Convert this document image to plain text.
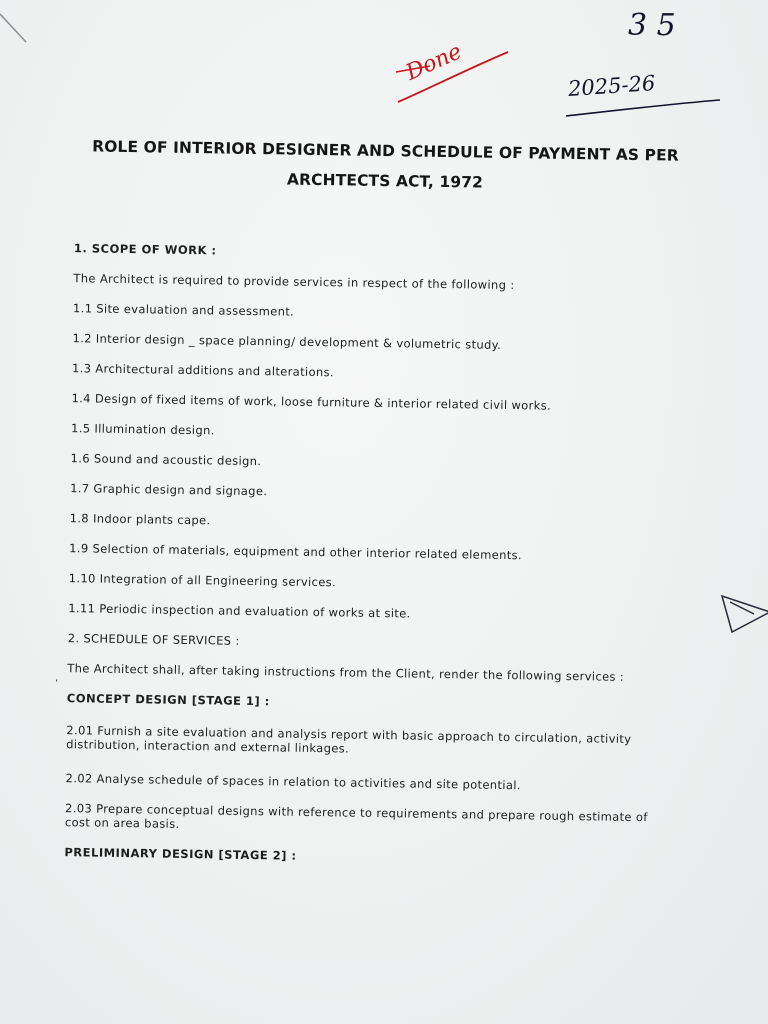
3 5
Done
2025-26
ROLE OF INTERIOR DESIGNER AND SCHEDULE OF PAYMENT AS PER
ARCHTECTS ACT, 1972
1. SCOPE OF WORK :
The Architect is required to provide services in respect of the following :
1.1 Site evaluation and assessment.
1.2 Interior design _ space planning/ development & volumetric study.
1.3 Architectural additions and alterations.
1.4 Design of fixed items of work, loose furniture & interior related civil works.
1.5 Illumination design.
1.6 Sound and acoustic design.
1.7 Graphic design and signage.
1.8 Indoor plants cape.
1.9 Selection of materials, equipment and other interior related elements.
1.10 Integration of all Engineering services.
1.11 Periodic inspection and evaluation of works at site.
2. SCHEDULE OF SERVICES :
The Architect shall, after taking instructions from the Client, render the following services :
CONCEPT DESIGN [STAGE 1] :
2.01 Furnish a site evaluation and analysis report with basic approach to circulation, activity distribution, interaction and external linkages.
2.02 Analyse schedule of spaces in relation to activities and site potential.
2.03 Prepare conceptual designs with reference to requirements and prepare rough estimate of cost on area basis.
PRELIMINARY DESIGN [STAGE 2] :
‘
